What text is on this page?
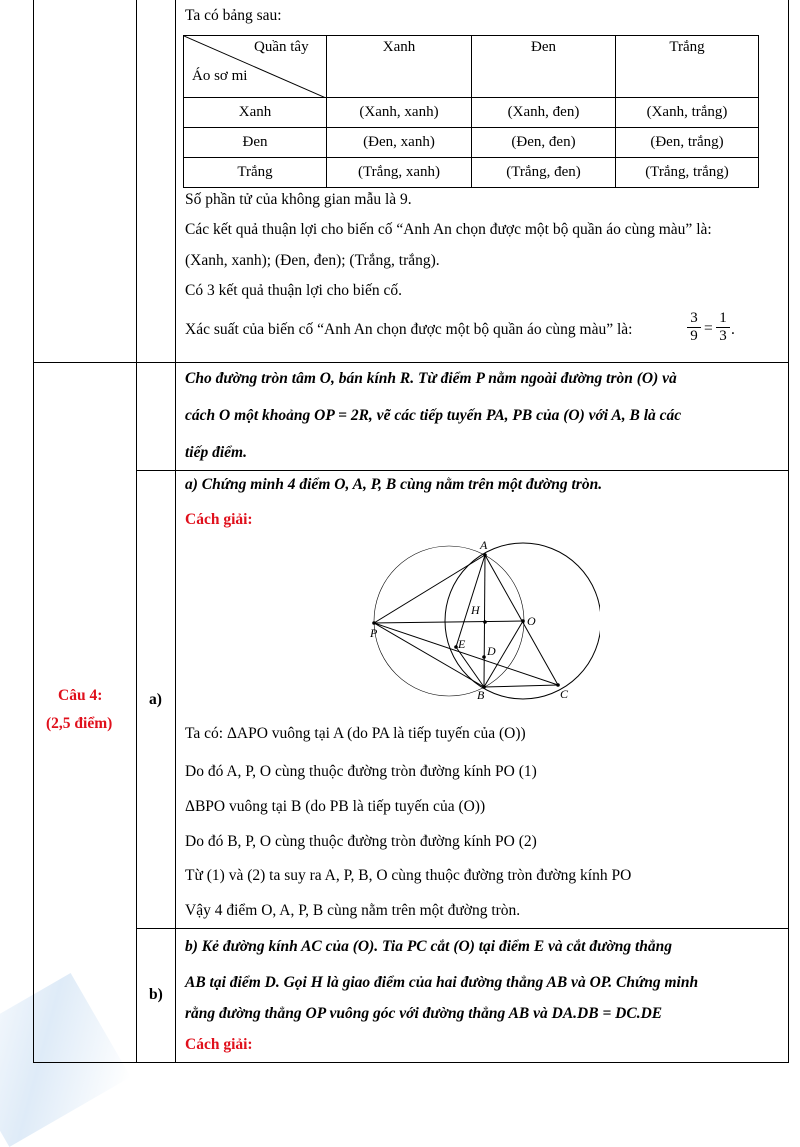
Ta có bảng sau:
Quần tây
Áo sơ mi	Xanh	Đen	Trắng
Xanh	(Xanh, xanh)	(Xanh, đen)	(Xanh, trắng)
Đen	(Đen, xanh)	(Đen, đen)	(Đen, trắng)
Trắng	(Trắng, xanh)	(Trắng, đen)	(Trắng, trắng)
Số phần tử của không gian mẫu là 9.
Các kết quả thuận lợi cho biến cố “Anh An chọn được một bộ quần áo cùng màu” là:
(Xanh, xanh); (Đen, đen); (Trắng, trắng).
Có 3 kết quả thuận lợi cho biến cố.
Xác suất của biến cố “Anh An chọn được một bộ quần áo cùng màu” là:	$\frac{3}{9} = \frac{1}{3}$ .
Câu 4:
(2,5 điểm)
Cho đường tròn tâm O, bán kính R. Từ điểm P nằm ngoài đường tròn (O) và
cách O một khoảng OP = 2R, vẽ các tiếp tuyến PA, PB của (O) với A, B là các
tiếp điểm.
a)
a) Chứng minh 4 điểm O, A, P, B cùng nằm trên một đường tròn.
Cách giải:
A
B	C
O
P
H
E D
Ta có: ΔAPO vuông tại A (do PA là tiếp tuyến của (O))
Do đó A, P, O cùng thuộc đường tròn đường kính PO (1)
ΔBPO vuông tại B (do PB là tiếp tuyến của (O))
Do đó B, P, O cùng thuộc đường tròn đường kính PO (2)
Từ (1) và (2) ta suy ra A, P, B, O cùng thuộc đường tròn đường kính PO
Vậy 4 điểm O, A, P, B cùng nằm trên một đường tròn.
b)
b) Kẻ đường kính AC của (O). Tia PC cắt (O) tại điểm E và cắt đường thẳng
AB tại điểm D. Gọi H là giao điểm của hai đường thẳng AB và OP. Chứng minh
rằng đường thẳng OP vuông góc với đường thẳng AB và DA.DB = DC.DE
Cách giải:
